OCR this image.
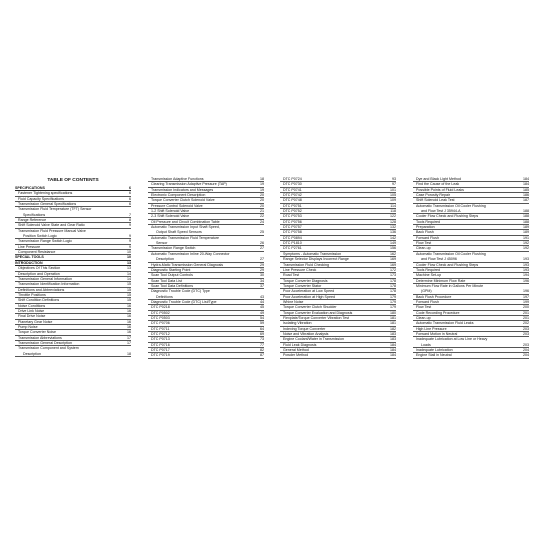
TABLE OF CONTENTS
SPECIFICATIONS	6
Fastener Tightening specifications	6
Fluid Capacity Specifications	6
Transmission General Specifications	6
Transmission Fluid Temperature (TFT) Sensor
Specifications	7
Range Reference	8
Shift Solenoid Valve State and Gear Ratio	9
Transmission Fluid Pressure Manual Valve
Position Switch Logic	9
Transmission Range Switch Logic	9
Line Pressure	9
Component Resistance	10
SPECIAL TOOLS	10
INTRODUCTION	13
Objectives Of This Section	13
Description and Operation	14
Transmission General Information	14
Transmission Identification Information	15
Definitions and Abbreviations	15
Throttle Positions	15
Shift Condition Definitions	15
Noise Conditions	16
Drive Link Noise	16
Final Drive Noise	16
Planetary Gear Noise	16
Pump Noise	16
Torque Converter Noise	16
Transmission Abbreviations	17
Transmission General Description	17
Transmission Component and System
Description	18
Transmission Adaptive Functions	18
Clearing Transmission Adaptive Pressure (TAP)	19
Transmission Indicators and Messages	19
Electronic Component Description	20
Torque Converter Clutch Solenoid Valve	20
Pressure Control Solenoid Valve	20
1-2 Shift Solenoid Valve	21
2-3 Shift Solenoid Valve	22
Oil Pressure and Circuit Combination Table	24
Automatic Transmission Input Shaft Speed,
Output Shaft Speed Sensors	25
Automatic Transmission Fluid Temperature
Sensor	26
Transmission Range Switch	27
Automatic Transmission Inline 20-Way Connector
Description	27
Hydra-Matic Transmission General Diagnosis	29
Diagnostic Starting Point	29
Scan Tool Output Controls	30
Scan Tool Data List	34
Scan Tool Data Definitions	37
Diagnostic Trouble Code (DTC) Type
Definitions	43
Diagnostic Trouble Code (DTC) List/Type	44
DTC P0218	45
DTC P0502	49
DTC P0503	54
DTC P0706	59
DTC P0711	64
DTC P0712	69
DTC P0713	73
DTC P0716	77
DTC P0717	82
DTC P0719	87
DTC P0724	93
DTC P0730	97
DTC P0741	101
DTC P0742	105
DTC P0748	109
DTC P0751	114
DTC P0752	118
DTC P0753	122
DTC P0756	128
DTC P0757	132
DTC P0758	136
DTC P0894	142
DTC P1810	149
DTC P2761	156
Symptoms - Automatic Transmission	162
Range Selector Displays Incorrect Range	169
Transmission Fluid Checking	169
Line Pressure Check	172
Road Test	173
Torque Converter Diagnosis	178
Torque Converter Stator	178
Poor Acceleration at Low Speed	178
Poor Acceleration at High Speed	179
Whine Noise	179
Torque Converter Clutch Shudder	179
Torque Converter Evaluation and Diagnosis	180
Flexplate/Torque Converter Vibration Test	181
Isolating Vibration	181
Indexing Torque Converter	182
Noise and Vibration Analysis	183
Engine Coolant/Water in Transmission	183
Fluid Leak Diagnosis	184
General Method	184
Powder Method	184
Dye and Black Light Method	184
Find the Cause of the Leak	184
Possible Points of Fluid Leaks	185
Case Porosity Repair	186
Shift Solenoid Leak Test	187
Automatic Transmission Oil Cooler Flushing
and Flow Test J 35944-A	188
Cooler Flow Check and Flushing Steps	188
Tools Required	188
Preparation	189
Back Flush	189
Forward Flush	191
Flow Test	192
Clean-up	192
Automatic Transmission Oil Cooler Flushing
and Flow Test J 45096	193
Cooler Flow Check and Flushing Steps	193
Tools Required	193
Machine Set-up	194
Determine Minimum Flow Rate	196
Minimum Flow Rate in Gallons Per Minute
(GPM)	196
Back Flush Procedure	197
Forward Flush	199
Flow Test	200
Code Recording Procedure	201
Clean-up	201
Automatic Transmission Fluid Leaks	202
High Line Pressure	203
Forward Motion in Neutral	203
Inadequate Lubrication at Low Line or Heavy
Loads	203
Inadequate Lubrication	204
Engine Stall in Neutral	204
